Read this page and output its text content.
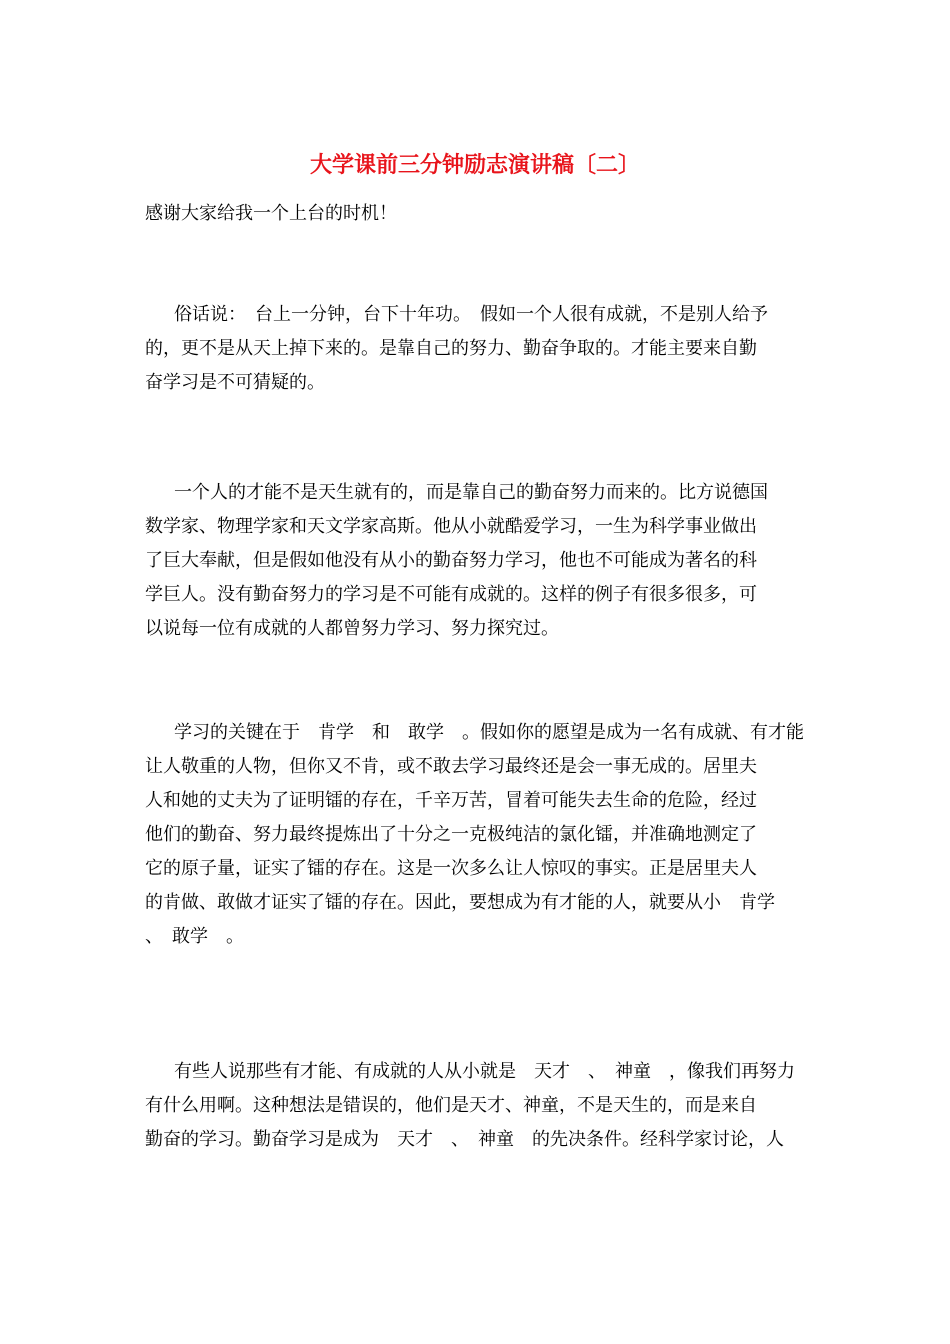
大学课前三分钟励志演讲稿〔二〕
感谢大家给我一个上台的时机！
俗话说：　台上一分钟，台下十年功。　假如一个人很有成就，不是别人给予
的，更不是从天上掉下来的。是靠自己的努力、勤奋争取的。才能主要来自勤
奋学习是不可猜疑的。
一个人的才能不是天生就有的，而是靠自己的勤奋努力而来的。比方说德国
数学家、物理学家和天文学家高斯。他从小就酷爱学习，一生为科学事业做出
了巨大奉献，但是假如他没有从小的勤奋努力学习，他也不可能成为著名的科
学巨人。没有勤奋努力的学习是不可能有成就的。这样的例子有很多很多，可
以说每一位有成就的人都曾努力学习、努力探究过。
学习的关键在于　肯学　和　敢学　。假如你的愿望是成为一名有成就、有才能
让人敬重的人物，但你又不肯，或不敢去学习最终还是会一事无成的。居里夫
人和她的丈夫为了证明镭的存在，千辛万苦，冒着可能失去生命的危险，经过
他们的勤奋、努力最终提炼出了十分之一克极纯洁的氯化镭，并准确地测定了
它的原子量，证实了镭的存在。这是一次多么让人惊叹的事实。正是居里夫人
的肯做、敢做才证实了镭的存在。因此，要想成为有才能的人，就要从小　肯学
、　敢学　。
有些人说那些有才能、有成就的人从小就是　天才　、　神童　，像我们再努力
有什么用啊。这种想法是错误的，他们是天才、神童，不是天生的，而是来自
勤奋的学习。勤奋学习是成为　天才　、　神童　的先决条件。经科学家讨论，人
